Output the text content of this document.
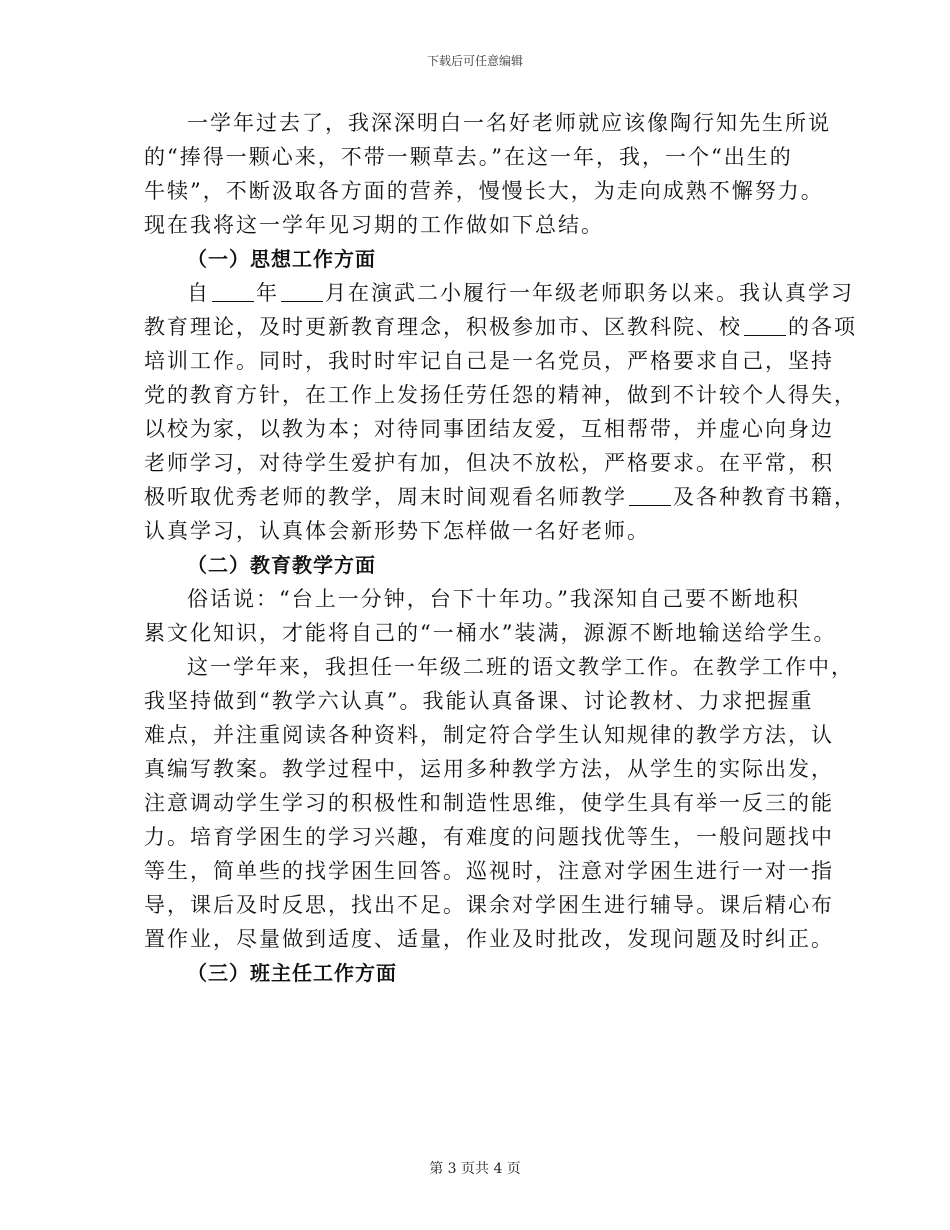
下载后可任意编辑
一学年过去了，我深深明白一名好老师就应该像陶行知先生所说
的“捧得一颗心来，不带一颗草去。”在这一年，我，一个“出生的
牛犊”，不断汲取各方面的营养，慢慢长大，为走向成熟不懈努力。
现在我将这一学年见习期的工作做如下总结。
（一）思想工作方面
自 年 月在演武二小履行一年级老师职务以来。我认真学习
教育理论，及时更新教育理念，积极参加市、区教科院、校 的各项
培训工作。同时，我时时牢记自己是一名党员，严格要求自己，坚持
党的教育方针，在工作上发扬任劳任怨的精神，做到不计较个人得失，
以校为家，以教为本；对待同事团结友爱，互相帮带，并虚心向身边
老师学习，对待学生爱护有加，但决不放松，严格要求。在平常，积
极听取优秀老师的教学，周末时间观看名师教学 及各种教育书籍，
认真学习，认真体会新形势下怎样做一名好老师。
（二）教育教学方面
俗话说：“台上一分钟，台下十年功。”我深知自己要不断地积
累文化知识，才能将自己的“一桶水”装满，源源不断地输送给学生。
这一学年来，我担任一年级二班的语文教学工作。在教学工作中，
我坚持做到“教学六认真”。我能认真备课、讨论教材、力求把握重
难点，并注重阅读各种资料，制定符合学生认知规律的教学方法，认
真编写教案。教学过程中，运用多种教学方法，从学生的实际出发，
注意调动学生学习的积极性和制造性思维，使学生具有举一反三的能
力。培育学困生的学习兴趣，有难度的问题找优等生，一般问题找中
等生，简单些的找学困生回答。巡视时，注意对学困生进行一对一指
导，课后及时反思，找出不足。课余对学困生进行辅导。课后精心布
置作业，尽量做到适度、适量，作业及时批改，发现问题及时纠正。
（三）班主任工作方面
第 3 页共 4 页
